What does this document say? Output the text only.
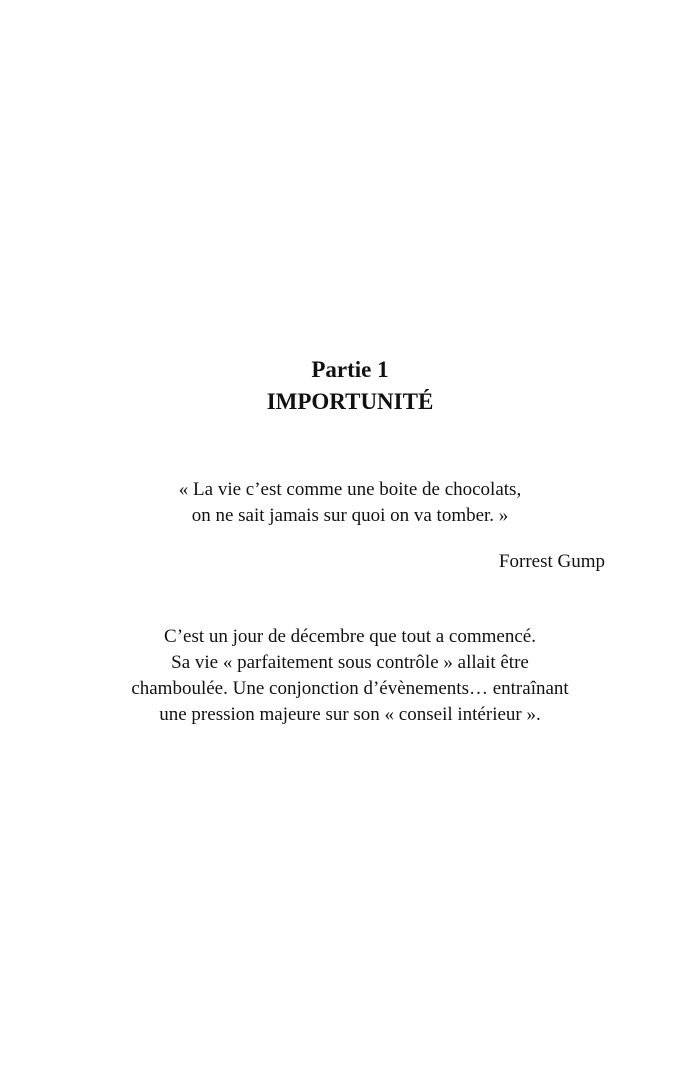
Partie 1
IMPORTUNITÉ
« La vie c’est comme une boite de chocolats,
on ne sait jamais sur quoi on va tomber. »
Forrest Gump
C’est un jour de décembre que tout a commencé.
Sa vie « parfaitement sous contrôle » allait être
chamboulée. Une conjonction d’évènements… entraînant
une pression majeure sur son « conseil intérieur ».
